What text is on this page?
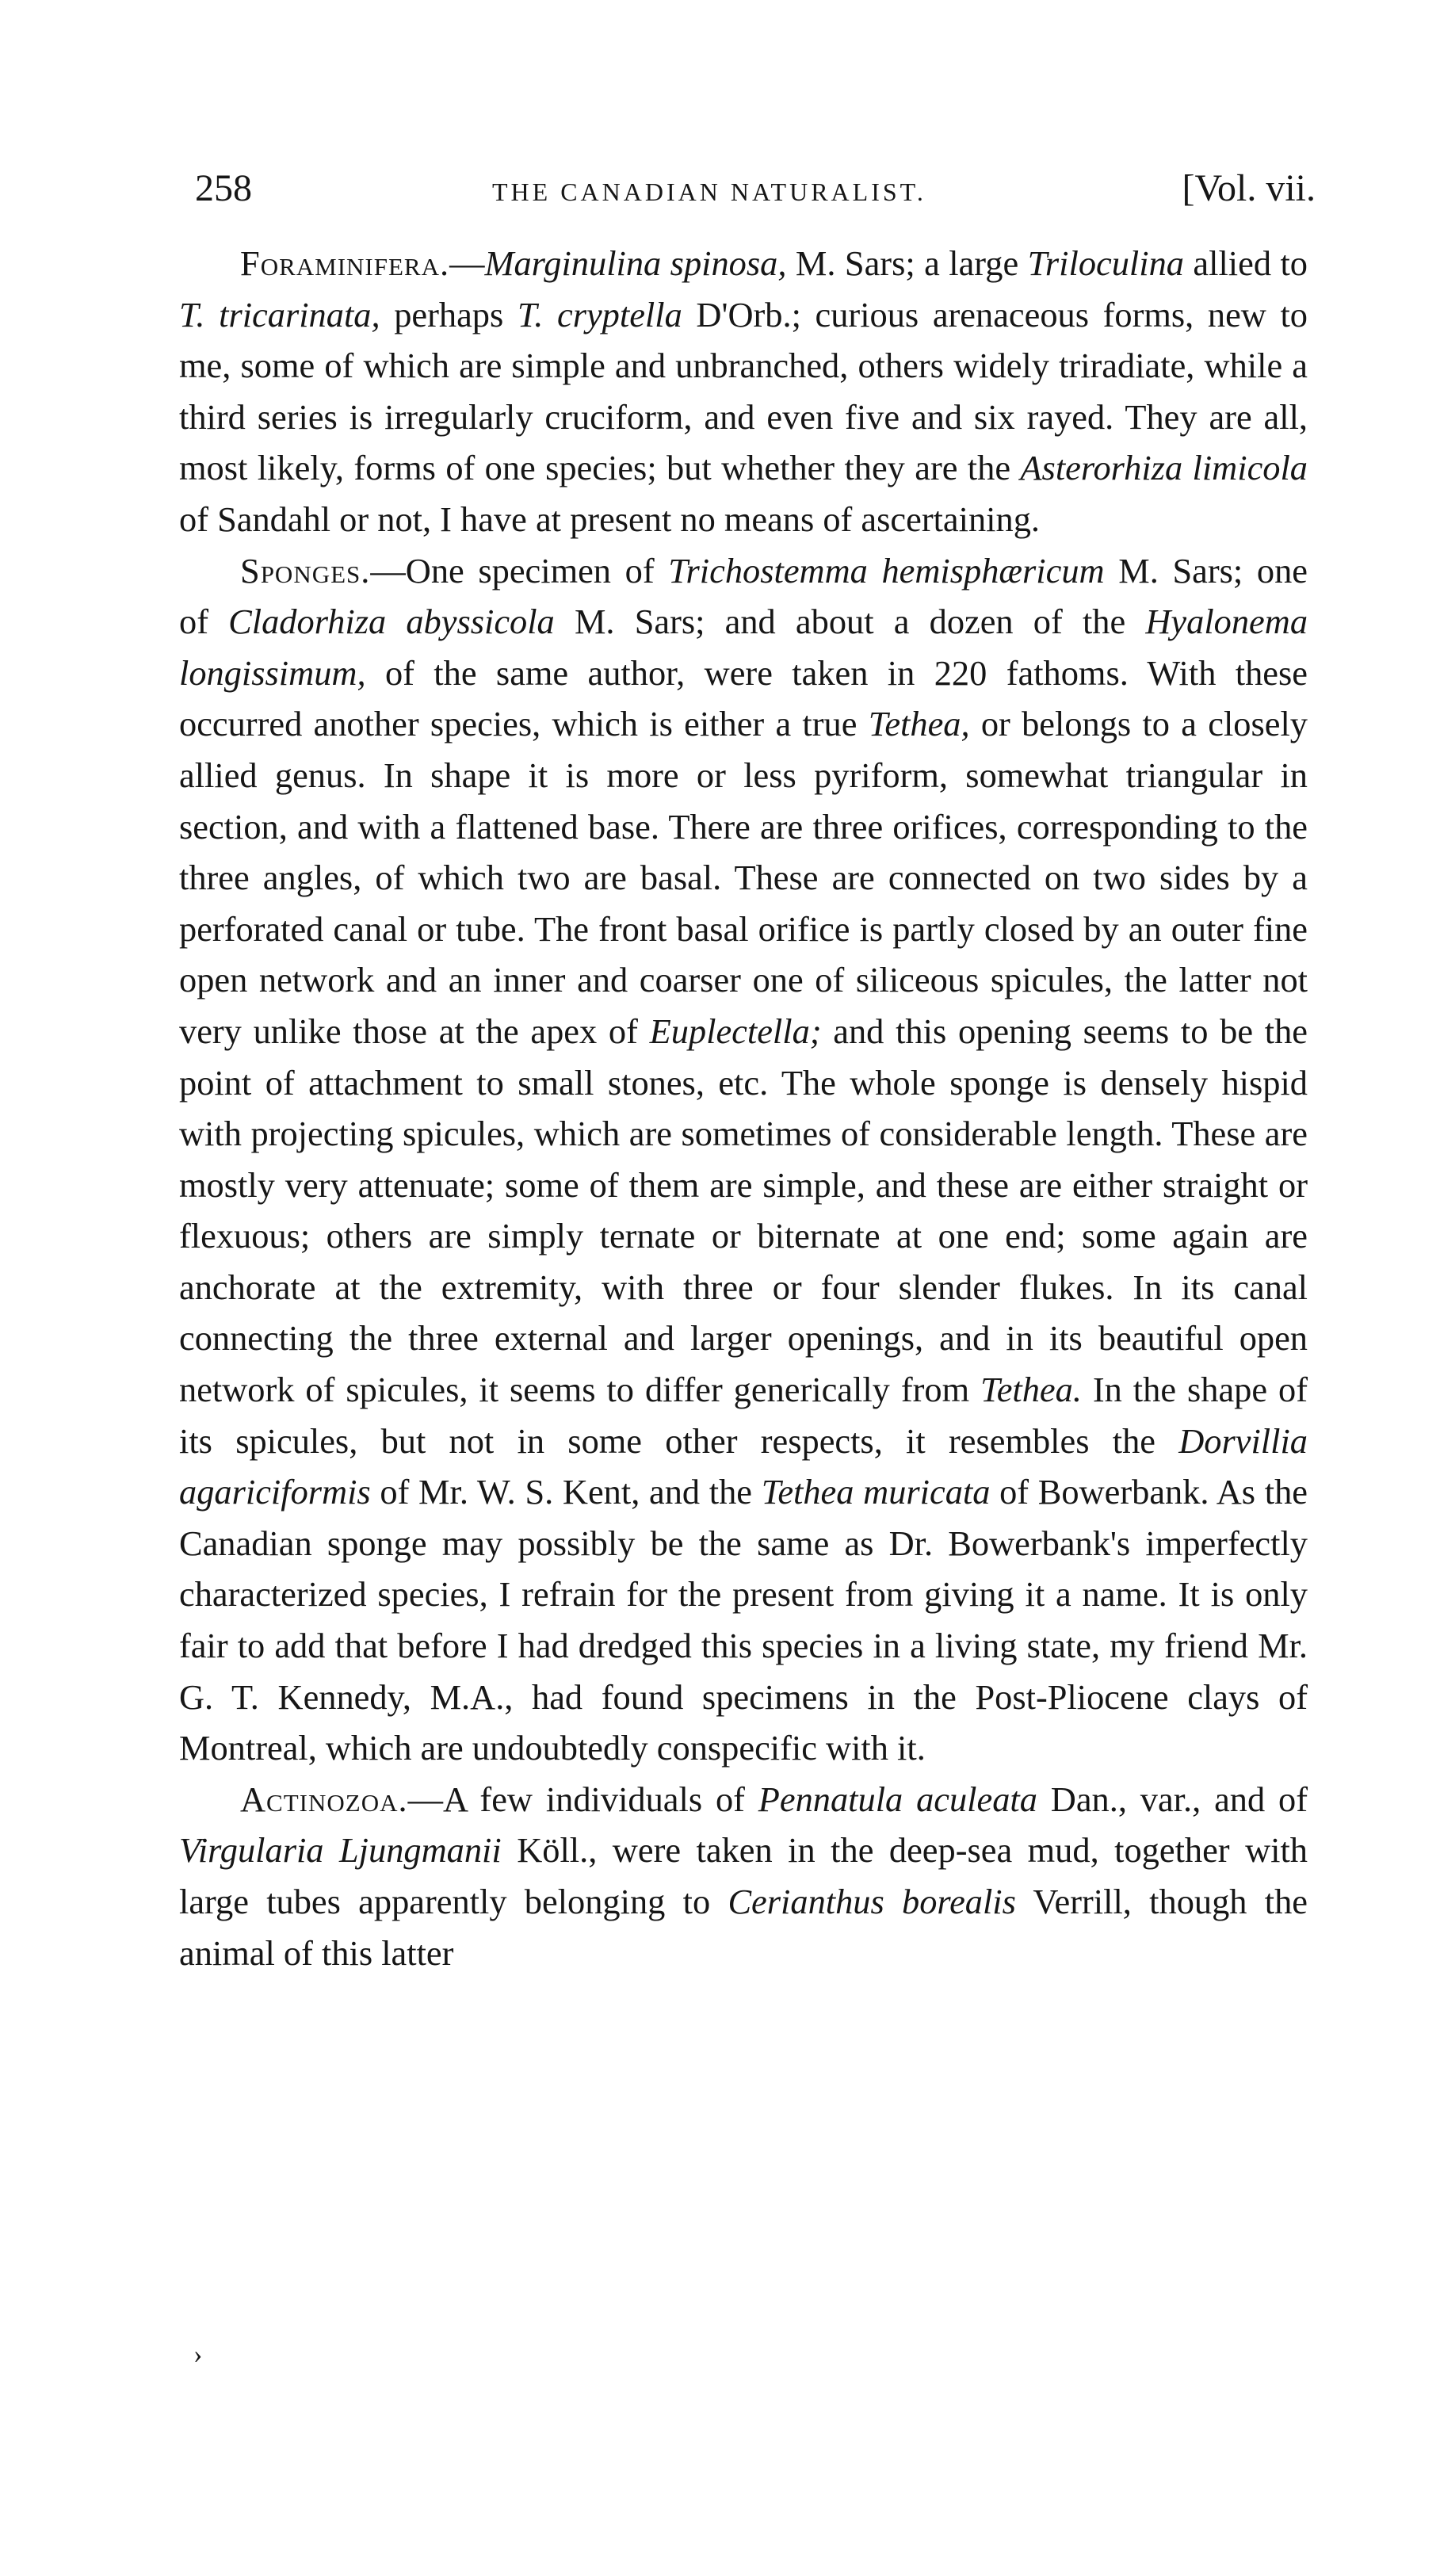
258	THE CANADIAN NATURALIST.	[Vol. vii.

Foraminifera.—Marginulina spinosa, M. Sars; a large Triloculina allied to T. tricarinata, perhaps T. cryptella D'Orb.; curious arenaceous forms, new to me, some of which are simple and unbranched, others widely triradiate, while a third series is irregularly cruciform, and even five and six rayed. They are all, most likely, forms of one species; but whether they are the Asterorhiza limicola of Sandahl or not, I have at present no means of ascertaining.

Sponges.—One specimen of Trichostemma hemisphæricum M. Sars; one of Cladorhiza abyssicola M. Sars; and about a dozen of the Hyalonema longissimum, of the same author, were taken in 220 fathoms. With these occurred another species, which is either a true Tethea, or belongs to a closely allied genus. In shape it is more or less pyriform, somewhat triangular in section, and with a flattened base. There are three orifices, corresponding to the three angles, of which two are basal. These are connected on two sides by a perforated canal or tube. The front basal orifice is partly closed by an outer fine open network and an inner and coarser one of siliceous spicules, the latter not very unlike those at the apex of Euplectella; and this opening seems to be the point of attachment to small stones, etc. The whole sponge is densely hispid with projecting spicules, which are sometimes of considerable length. These are mostly very attenuate; some of them are simple, and these are either straight or flexuous; others are simply ternate or biternate at one end; some again are anchorate at the extremity, with three or four slender flukes. In its canal connecting the three external and larger openings, and in its beautiful open network of spicules, it seems to differ generically from Tethea. In the shape of its spicules, but not in some other respects, it resembles the Dorvillia agariciformis of Mr. W. S. Kent, and the Tethea muricata of Bowerbank. As the Canadian sponge may possibly be the same as Dr. Bowerbank's imperfectly characterized species, I refrain for the present from giving it a name. It is only fair to add that before I had dredged this species in a living state, my friend Mr. G. T. Kennedy, M.A., had found specimens in the Post-Pliocene clays of Montreal, which are undoubtedly conspecific with it.

Actinozoa.—A few individuals of Pennatula aculeata Dan., var., and of Virgularia Ljungmanii Köll., were taken in the deep-sea mud, together with large tubes apparently belonging to Cerianthus borealis Verrill, though the animal of this latter

›
